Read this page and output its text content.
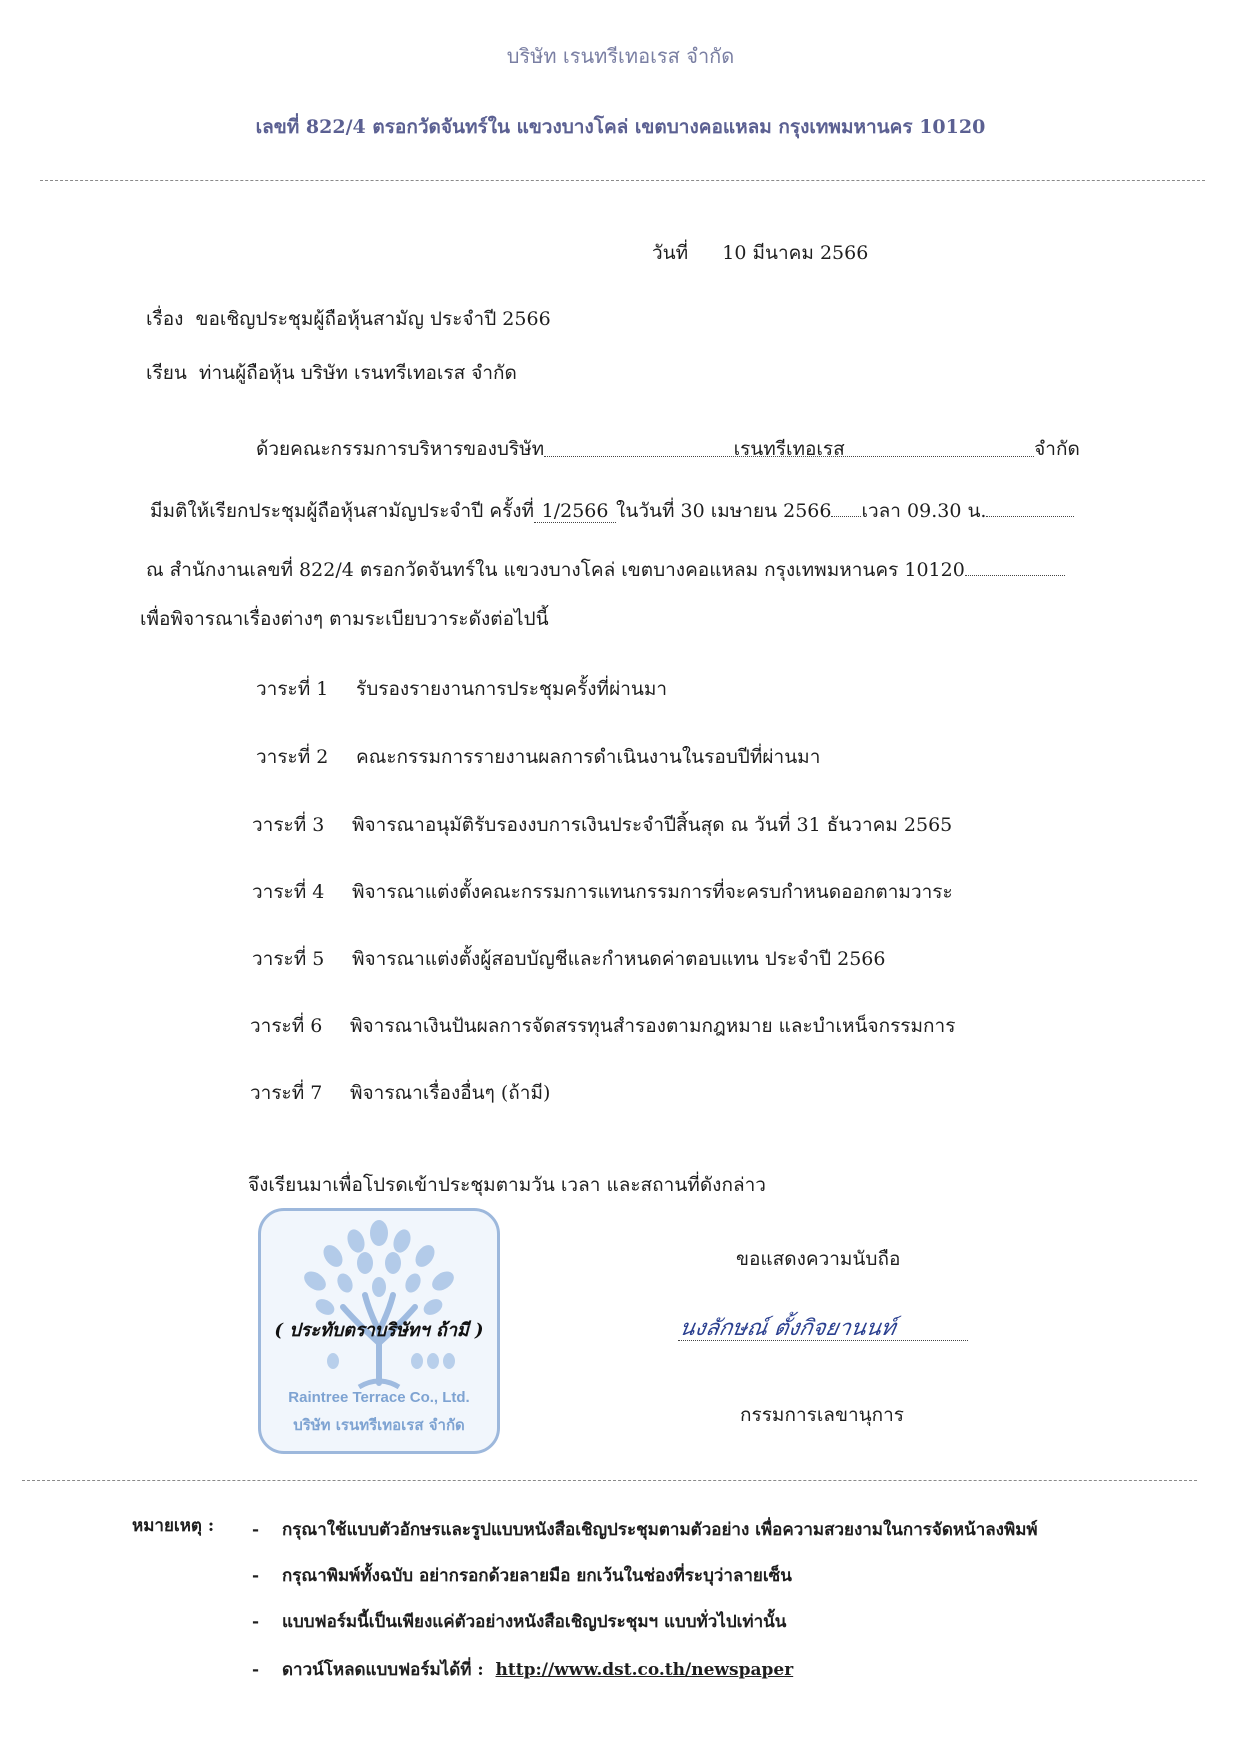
บริษัท เรนทรีเทอเรส จำกัด
เลขที่ 822/4 ตรอกวัดจันทร์ใน แขวงบางโคล่ เขตบางคอแหลม กรุงเทพมหานคร 10120
วันที่ 10 มีนาคม 2566
เรื่อง ขอเชิญประชุมผู้ถือหุ้นสามัญ ประจำปี 2566
เรียน ท่านผู้ถือหุ้น บริษัท เรนทรีเทอเรส จำกัด
ด้วยคณะกรรมการบริหารของบริษัท	เรนทรีเทอเรส	จำกัด
มีมติให้เรียกประชุมผู้ถือหุ้นสามัญประจำปี ครั้งที่ 1/2566 ในวันที่ 30 เมษายน 2566 เวลา 09.30 น.
ณ สำนักงานเลขที่ 822/4 ตรอกวัดจันทร์ใน แขวงบางโคล่ เขตบางคอแหลม กรุงเทพมหานคร 10120
เพื่อพิจารณาเรื่องต่างๆ ตามระเบียบวาระดังต่อไปนี้
วาระที่ 1 รับรองรายงานการประชุมครั้งที่ผ่านมา
วาระที่ 2 คณะกรรมการรายงานผลการดำเนินงานในรอบปีที่ผ่านมา
วาระที่ 3 พิจารณาอนุมัติรับรองงบการเงินประจำปีสิ้นสุด ณ วันที่ 31 ธันวาคม 2565
วาระที่ 4 พิจารณาแต่งตั้งคณะกรรมการแทนกรรมการที่จะครบกำหนดออกตามวาระ
วาระที่ 5 พิจารณาแต่งตั้งผู้สอบบัญชีและกำหนดค่าตอบแทน ประจำปี 2566
วาระที่ 6 พิจารณาเงินปันผลการจัดสรรทุนสำรองตามกฎหมาย และบำเหน็จกรรมการ
วาระที่ 7 พิจารณาเรื่องอื่นๆ (ถ้ามี)
จึงเรียนมาเพื่อโปรดเข้าประชุมตามวัน เวลา และสถานที่ดังกล่าว
( ประทับตราบริษัทฯ ถ้ามี )
Raintree Terrace Co., Ltd.
บริษัท เรนทรีเทอเรส จำกัด
ขอแสดงความนับถือ
นงลักษณ์ ตั้งกิจยานนท์
กรรมการเลขานุการ
หมายเหตุ : - กรุณาใช้แบบตัวอักษรและรูปแบบหนังสือเชิญประชุมตามตัวอย่าง เพื่อความสวยงามในการจัดหน้าลงพิมพ์
- กรุณาพิมพ์ทั้งฉบับ อย่ากรอกด้วยลายมือ ยกเว้นในช่องที่ระบุว่าลายเซ็น
- แบบฟอร์มนี้เป็นเพียงแค่ตัวอย่างหนังสือเชิญประชุมฯ แบบทั่วไปเท่านั้น
- ดาวน์โหลดแบบฟอร์มได้ที่ : http://www.dst.co.th/newspaper
